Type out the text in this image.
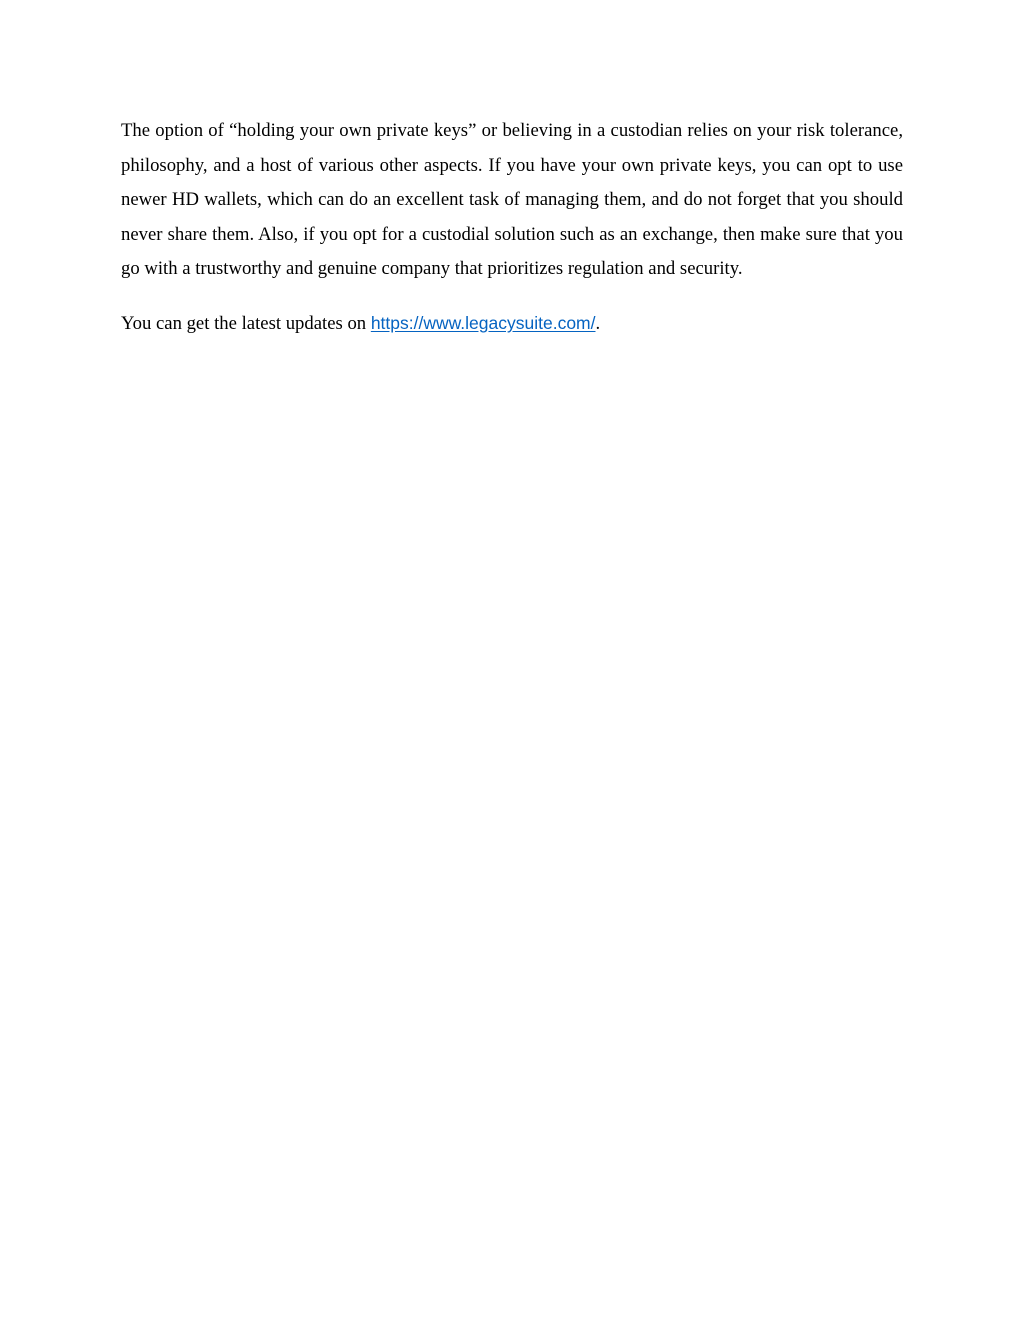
The option of “holding your own private keys” or believing in a custodian relies on your risk tolerance, philosophy, and a host of various other aspects. If you have your own private keys, you can opt to use newer HD wallets, which can do an excellent task of managing them, and do not forget that you should never share them. Also, if you opt for a custodial solution such as an exchange, then make sure that you go with a trustworthy and genuine company that prioritizes regulation and security.

You can get the latest updates on https://www.legacysuite.com/.
